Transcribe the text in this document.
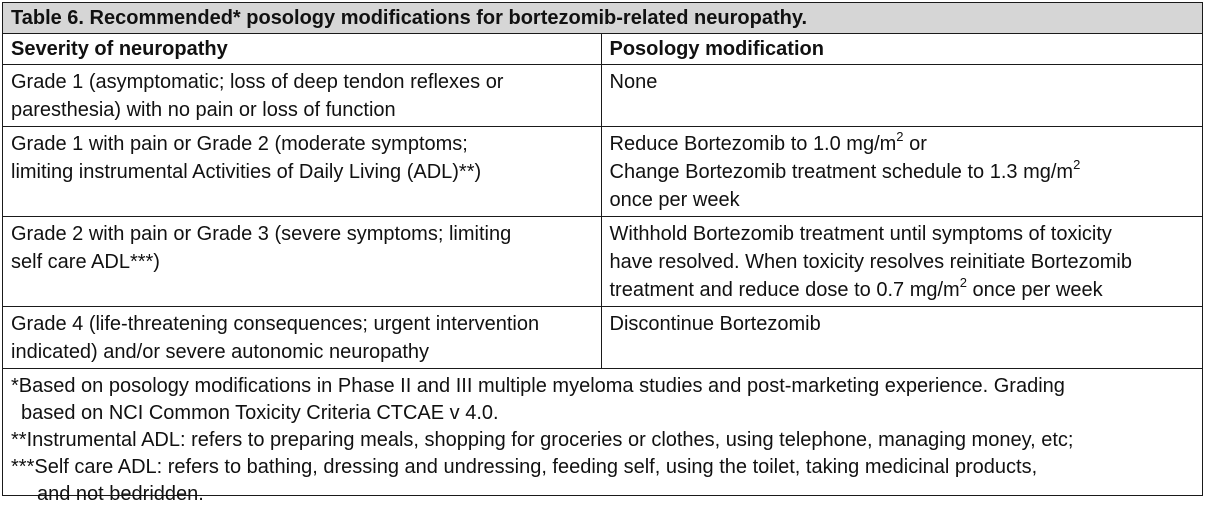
Table 6. Recommended* posology modifications for bortezomib-related neuropathy.	
Severity of neuropathy	Posology modification

Grade 1 (asymptomatic; loss of deep tendon reflexes or
paresthesia) with no pain or loss of function	None

Grade 1 with pain or Grade 2 (moderate symptoms;
limiting instrumental Activities of Daily Living (ADL)**)	Reduce Bortezomib to 1.0 $mg/m^2$ or
Change Bortezomib treatment schedule to 1.3 $mg/m^2$
once per week

Grade 2 with pain or Grade 3 (severe symptoms; limiting
self care ADL***)	Withhold Bortezomib treatment until symptoms of toxicity
have resolved. When toxicity resolves reinitiate Bortezomib
treatment and reduce dose to 0.7 $mg/m^2$ once per week

Grade 4 (life-threatening consequences; urgent intervention
indicated) and/or severe autonomic neuropathy	Discontinue Bortezomib

*Based on posology modifications in Phase II and III multiple myeloma studies and post-marketing experience. Grading
based on NCI Common Toxicity Criteria CTCAE v 4.0.
**Instrumental ADL: refers to preparing meals, shopping for groceries or clothes, using telephone, managing money, etc;
***Self care ADL: refers to bathing, dressing and undressing, feeding self, using the toilet, taking medicinal products,
and not bedridden.	
